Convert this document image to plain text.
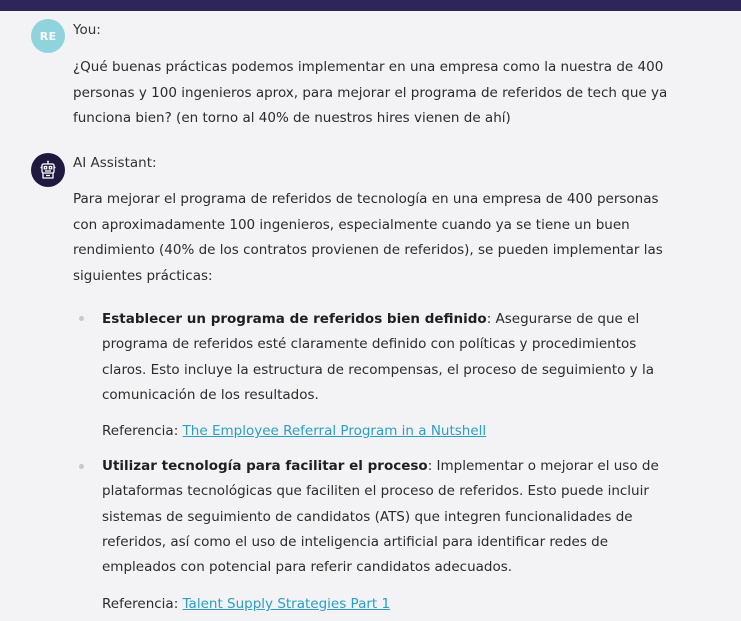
RE You:
¿Qué buenas prácticas podemos implementar en una empresa como la nuestra de 400 personas y 100 ingenieros aprox, para mejorar el programa de referidos de tech que ya funciona bien? (en torno al 40% de nuestros hires vienen de ahí)
AI Assistant:
Para mejorar el programa de referidos de tecnología en una empresa de 400 personas con aproximadamente 100 ingenieros, especialmente cuando ya se tiene un buen rendimiento (40% de los contratos provienen de referidos), se pueden implementar las siguientes prácticas:
Establecer un programa de referidos bien definido: Asegurarse de que el programa de referidos esté claramente definido con políticas y procedimientos claros. Esto incluye la estructura de recompensas, el proceso de seguimiento y la comunicación de los resultados.
Referencia: The Employee Referral Program in a Nutshell
Utilizar tecnología para facilitar el proceso: Implementar o mejorar el uso de plataformas tecnológicas que faciliten el proceso de referidos. Esto puede incluir sistemas de seguimiento de candidatos (ATS) que integren funcionalidades de referidos, así como el uso de inteligencia artificial para identificar redes de empleados con potencial para referir candidatos adecuados.
Referencia: Talent Supply Strategies Part 1
